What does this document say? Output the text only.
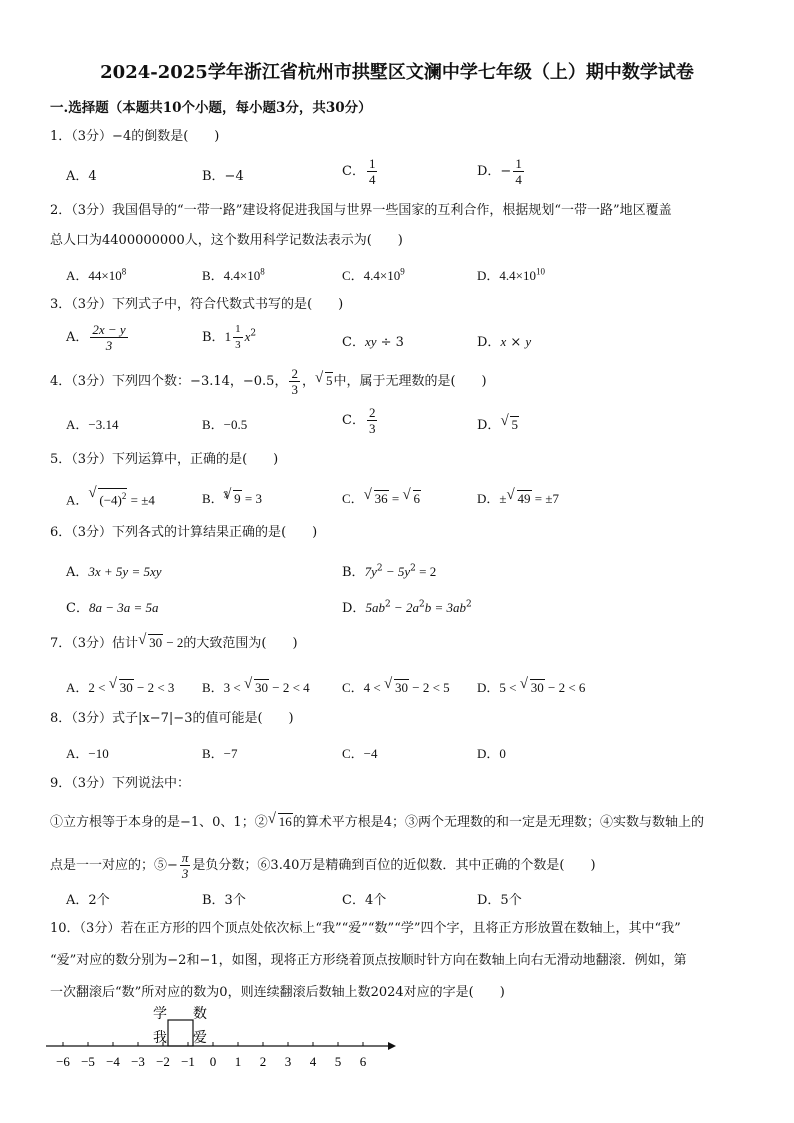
2024-2025学年浙江省杭州市拱墅区文澜中学七年级（上）期中数学试卷
一.选择题（本题共10个小题，每小题3分，共30分）
1．（3分）−4的倒数是(　　)
A．4	B．−4	C． $\frac{1}{4}$	D．− $\frac{1}{4}$
2．（3分）我国倡导的“一带一路”建设将促进我国与世界一些国家的互利合作，根据规划“一带一路”地区覆盖
总人口为4400000000人，这个数用科学记数法表示为(　　)
A．$44\times 10^8$	B．$4.4\times 10^8$	C．$4.4\times 10^9$	D．$4.4\times 10^{10}$
3．（3分）下列式子中，符合代数式书写的是(　　)
A． $\frac{2x - y}{3}$	B．$1 \frac{1}{3} x^2$
C．xy ÷ 3	D．x × y
4．（3分）下列四个数：−3.14，−0.5， $\frac{2}{3}$ ， √ 5中，属于无理数的是(　　)
A．−3.14	B．−0.5	C． $\frac{2}{3}$	D． √ 5
5．（3分）下列运算中，正确的是(　　)
A． √ $(-4)^2 = \pm 4$	B．$^3$ √ 9 = 3	C． √ 36 = √ 6	D．± √ 49 = ±7
6．（3分）下列各式的计算结果正确的是(　　)
A．3x + 5y = 5xy	B．$7y^2 - 5y^2 = 2$
C．8a − 3a = 5a	D．$5ab^2 - 2a^2b = 3ab^2$
7．（3分）估计 √ 30 − 2的大致范围为(　　)
A．2 < √ 30 − 2 < 3 B．3 < √ 30 − 2 < 4 C．4 < √ 30 − 2 < 5 D．5 < √ 30 − 2 < 6
8．（3分）式子|x−7|−3的值可能是(　　)
A．−10	B．−7	C．−4	D．0
9．（3分）下列说法中：
①立方根等于本身的是−1、0、1；② √ 16的算术平方根是4；③两个无理数的和一定是无理数；④实数与数轴上的
点是一一对应的；⑤− $\frac{\pi}{3}$ 是负分数；⑥3.40万是精确到百位的近似数．其中正确的个数是(　　)
A．2个	B．3个	C．4个	D．5个
10．（3分）若在正方形的四个顶点处依次标上“我”“爱”“数”“学”四个字，且将正方形放置在数轴上，其中“我”
“爱”对应的数分别为−2和−1，如图，现将正方形绕着顶点按顺时针方向在数轴上向右无滑动地翻滚．例如，第
一次翻滚后“数”所对应的数为0，则连续翻滚后数轴上数2024对应的字是(　　)
学 数
我 爱
−6 −5 −4 −3 −2 −1 0 1 2 3 4 5 6
